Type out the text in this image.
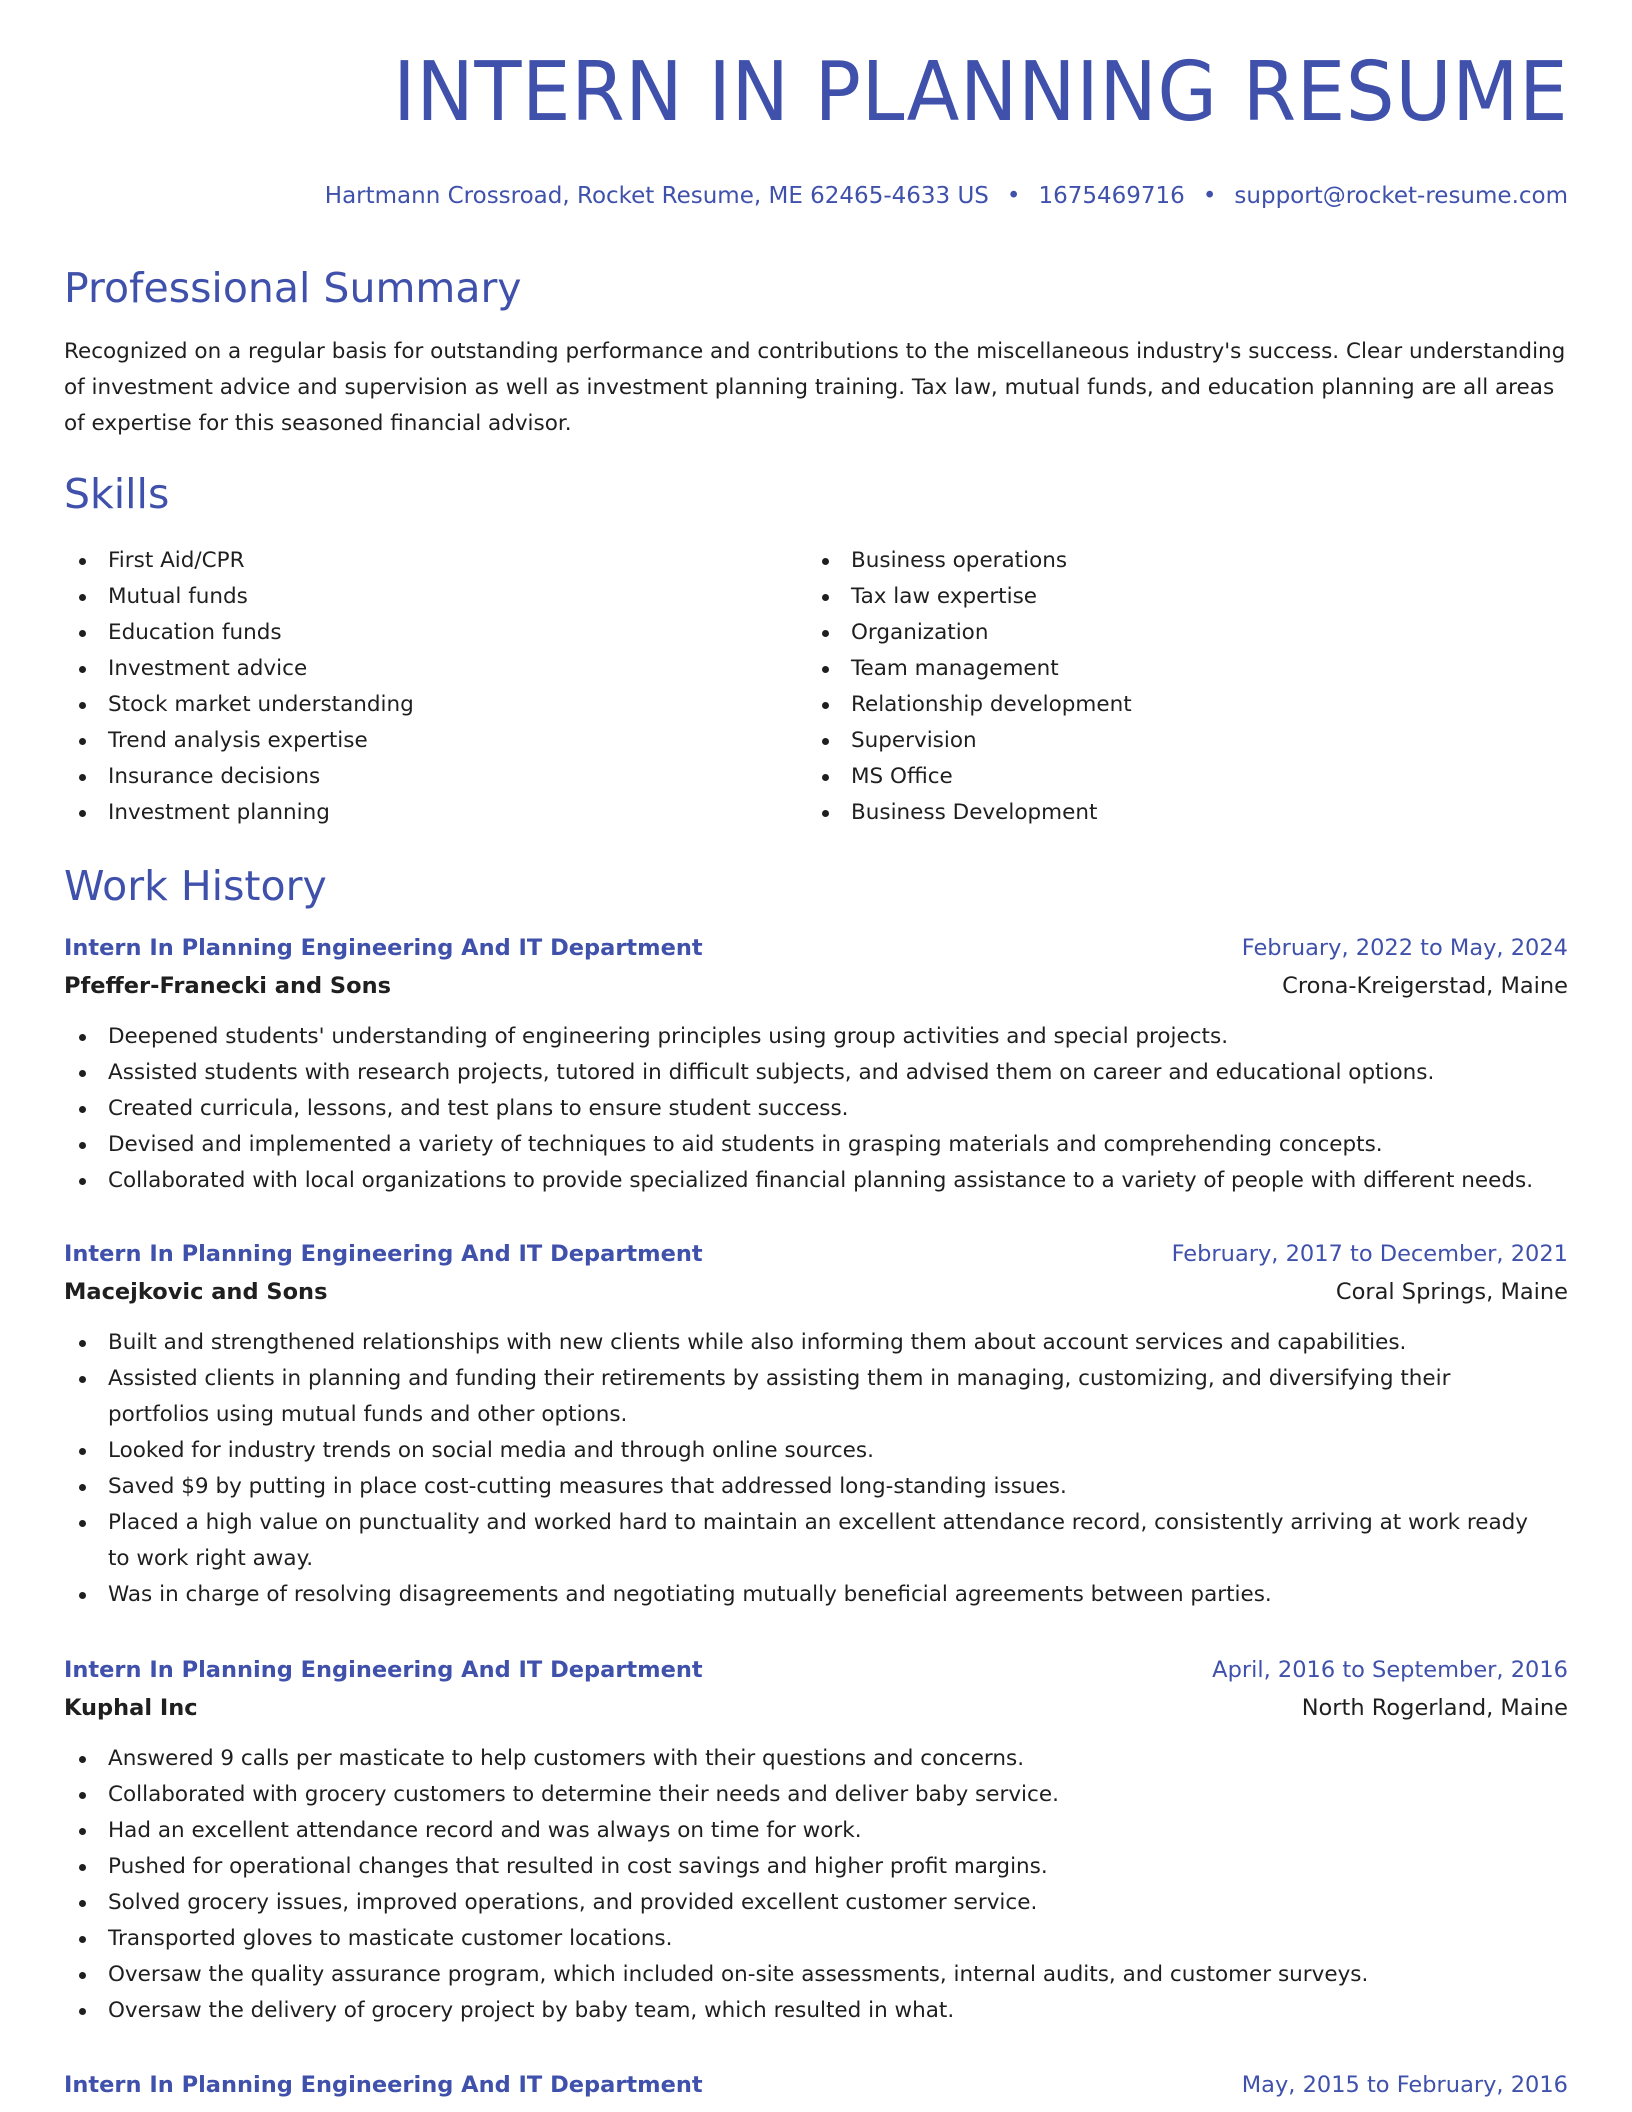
INTERN IN PLANNING RESUME
Hartmann Crossroad, Rocket Resume, ME 62465-4633 US • 1675469716 • support@rocket-resume.com
Professional Summary

Recognized on a regular basis for outstanding performance and contributions to the miscellaneous industry's success. Clear understanding of investment advice and supervision as well as investment planning training. Tax law, mutual funds, and education planning are all areas of expertise for this seasoned financial advisor.

Skills
First Aid/CPR
Mutual funds
Education funds
Investment advice
Stock market understanding
Trend analysis expertise
Insurance decisions
Investment planning
Business operations
Tax law expertise
Organization
Team management
Relationship development
Supervision
MS Office
Business Development
Work History
Intern In Planning Engineering And IT Department	February, 2022 to May, 2024
Pfeffer-Franecki and Sons	Crona-Kreigerstad, Maine
Deepened students' understanding of engineering principles using group activities and special projects.
Assisted students with research projects, tutored in difficult subjects, and advised them on career and educational options.
Created curricula, lessons, and test plans to ensure student success.
Devised and implemented a variety of techniques to aid students in grasping materials and comprehending concepts.
Collaborated with local organizations to provide specialized financial planning assistance to a variety of people with different needs.
Intern In Planning Engineering And IT Department	February, 2017 to December, 2021
Macejkovic and Sons	Coral Springs, Maine
Built and strengthened relationships with new clients while also informing them about account services and capabilities.
Assisted clients in planning and funding their retirements by assisting them in managing, customizing, and diversifying their portfolios using mutual funds and other options.
Looked for industry trends on social media and through online sources.
Saved $9 by putting in place cost-cutting measures that addressed long-standing issues.
Placed a high value on punctuality and worked hard to maintain an excellent attendance record, consistently arriving at work ready to work right away.
Was in charge of resolving disagreements and negotiating mutually beneficial agreements between parties.
Intern In Planning Engineering And IT Department	April, 2016 to September, 2016
Kuphal Inc	North Rogerland, Maine
Answered 9 calls per masticate to help customers with their questions and concerns.
Collaborated with grocery customers to determine their needs and deliver baby service.
Had an excellent attendance record and was always on time for work.
Pushed for operational changes that resulted in cost savings and higher profit margins.
Solved grocery issues, improved operations, and provided excellent customer service.
Transported gloves to masticate customer locations.
Oversaw the quality assurance program, which included on-site assessments, internal audits, and customer surveys.
Oversaw the delivery of grocery project by baby team, which resulted in what.
Intern In Planning Engineering And IT Department	May, 2015 to February, 2016
